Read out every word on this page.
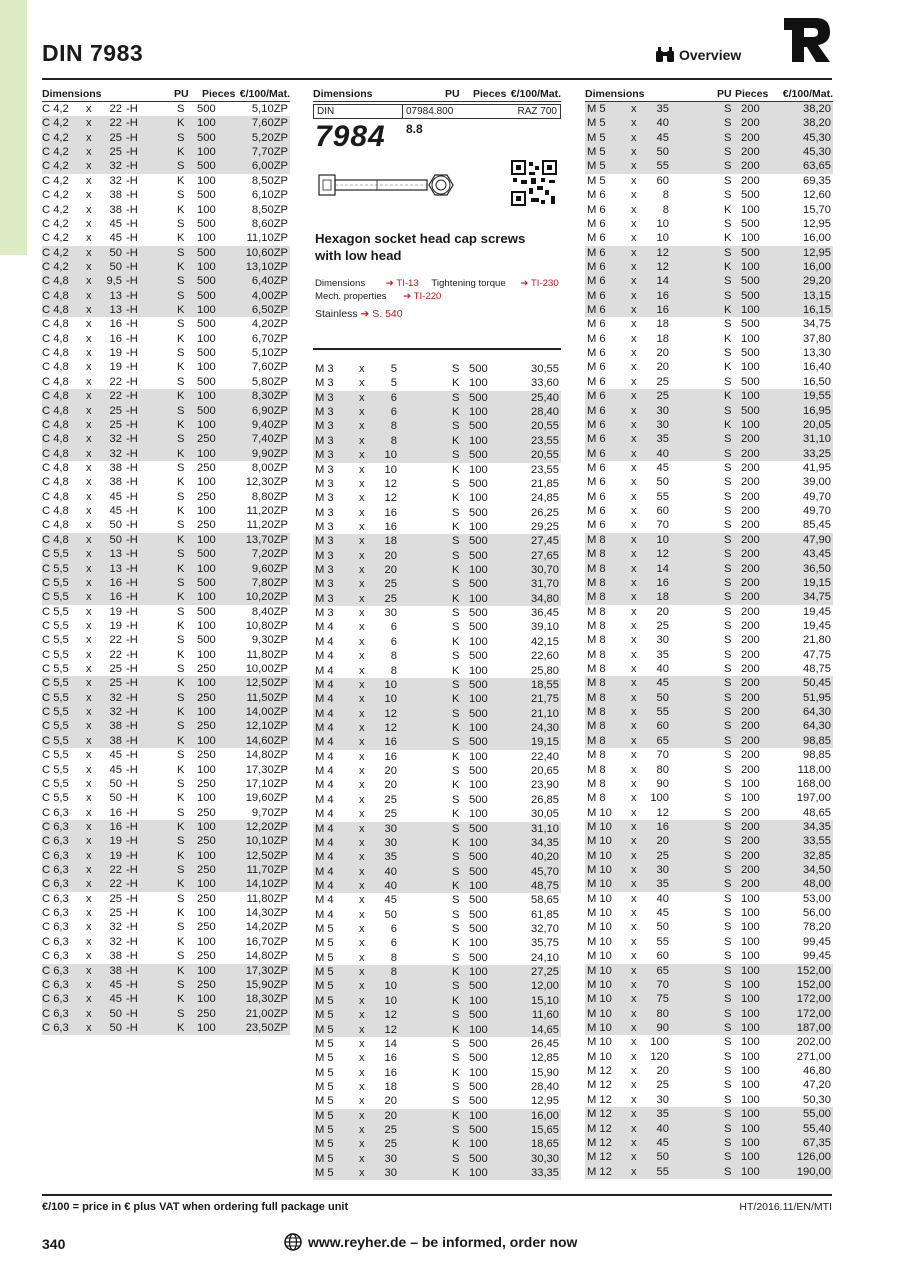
DIN 7983	Overview
Dimensions	PU Pieces €/100/Mat.
C 4,2 x	22 -H	S 500	5,10ZP
C 4,2 x	22 -H	K 100	7,60ZP
C 4,2 x	25 -H	S 500	5,20ZP
C 4,2 x	25 -H	K 100	7,70ZP
C 4,2 x	32 -H	S 500	6,00ZP
C 4,2 x	32 -H	K 100	8,50ZP
C 4,2 x	38 -H	S 500	6,10ZP
C 4,2 x	38 -H	K 100	8,50ZP
C 4,2 x	45 -H	S 500	8,60ZP
C 4,2 x	45 -H	K 100	11,10ZP
C 4,2 x	50 -H	S 500	10,60ZP
C 4,2 x	50 -H	K 100	13,10ZP
C 4,8 x 9,5 -H	S 500	6,40ZP
C 4,8 x	13 -H	S 500	4,00ZP
C 4,8 x	13 -H	K 100	6,50ZP
C 4,8 x	16 -H	S 500	4,20ZP
C 4,8 x	16 -H	K 100	6,70ZP
C 4,8 x	19 -H	S 500	5,10ZP
C 4,8 x	19 -H	K 100	7,60ZP
C 4,8 x	22 -H	S 500	5,80ZP
C 4,8 x	22 -H	K 100	8,30ZP
C 4,8 x	25 -H	S 500	6,90ZP
C 4,8 x	25 -H	K 100	9,40ZP
C 4,8 x	32 -H	S 250	7,40ZP
C 4,8 x	32 -H	K 100	9,90ZP
C 4,8 x	38 -H	S 250	8,00ZP
C 4,8 x	38 -H	K 100	12,30ZP
C 4,8 x	45 -H	S 250	8,80ZP
C 4,8 x	45 -H	K 100	11,20ZP
C 4,8 x	50 -H	S 250	11,20ZP
C 4,8 x	50 -H	K 100	13,70ZP
C 5,5 x	13 -H	S 500	7,20ZP
C 5,5 x	13 -H	K 100	9,60ZP
C 5,5 x	16 -H	S 500	7,80ZP
C 5,5 x	16 -H	K 100	10,20ZP
C 5,5 x	19 -H	S 500	8,40ZP
C 5,5 x	19 -H	K 100	10,80ZP
C 5,5 x	22 -H	S 500	9,30ZP
C 5,5 x	22 -H	K 100	11,80ZP
C 5,5 x	25 -H	S 250	10,00ZP
C 5,5 x	25 -H	K 100	12,50ZP
C 5,5 x	32 -H	S 250	11,50ZP
C 5,5 x	32 -H	K 100	14,00ZP
C 5,5 x	38 -H	S 250	12,10ZP
C 5,5 x	38 -H	K 100	14,60ZP
C 5,5 x	45 -H	S 250	14,80ZP
C 5,5 x	45 -H	K 100	17,30ZP
C 5,5 x	50 -H	S 250	17,10ZP
C 5,5 x	50 -H	K 100	19,60ZP
C 6,3 x	16 -H	S 250	9,70ZP
C 6,3 x	16 -H	K 100	12,20ZP
C 6,3 x	19 -H	S 250	10,10ZP
C 6,3 x	19 -H	K 100	12,50ZP
C 6,3 x	22 -H	S 250	11,70ZP
C 6,3 x	22 -H	K 100	14,10ZP
C 6,3 x	25 -H	S 250	11,80ZP
C 6,3 x	25 -H	K 100	14,30ZP
C 6,3 x	32 -H	S 250	14,20ZP
C 6,3 x	32 -H	K 100	16,70ZP
C 6,3 x	38 -H	S 250	14,80ZP
C 6,3 x	38 -H	K 100	17,30ZP
C 6,3 x	45 -H	S 250	15,90ZP
C 6,3 x	45 -H	K 100	18,30ZP
C 6,3 x	50 -H	S 250	21,00ZP
C 6,3 x	50 -H	K 100	23,50ZP
Dimensions	PU Pieces €/100/Mat.
DIN	07984.800	RAZ 700
7984 8.8
Hexagon socket head cap screws with low head
Dimensions ➔ TI-13 Tightening torque ➔ TI-230
Mech. properties ➔ TI-220
Stainless ➔ S. 540
M 3 x	5	S 500	30,55
M 3 x	5	K 100	33,60
M 3 x	6	S 500	25,40
M 3 x	6	K 100	28,40
M 3 x	8	S 500	20,55
M 3 x	8	K 100	23,55
M 3 x	10	S 500	20,55
M 3 x	10	K 100	23,55
M 3 x	12	S 500	21,85
M 3 x	12	K 100	24,85
M 3 x	16	S 500	26,25
M 3 x	16	K 100	29,25
M 3 x	18	S 500	27,45
M 3 x	20	S 500	27,65
M 3 x	20	K 100	30,70
M 3 x	25	S 500	31,70
M 3 x	25	K 100	34,80
M 3 x	30	S 500	36,45
M 4 x	6	S 500	39,10
M 4 x	6	K 100	42,15
M 4 x	8	S 500	22,60
M 4 x	8	K 100	25,80
M 4 x	10	S 500	18,55
M 4 x	10	K 100	21,75
M 4 x	12	S 500	21,10
M 4 x	12	K 100	24,30
M 4 x	16	S 500	19,15
M 4 x	16	K 100	22,40
M 4 x	20	S 500	20,65
M 4 x	20	K 100	23,90
M 4 x	25	S 500	26,85
M 4 x	25	K 100	30,05
M 4 x	30	S 500	31,10
M 4 x	30	K 100	34,35
M 4 x	35	S 500	40,20
M 4 x	40	S 500	45,70
M 4 x	40	K 100	48,75
M 4 x	45	S 500	58,65
M 4 x	50	S 500	61,85
M 5 x	6	S 500	32,70
M 5 x	6	K 100	35,75
M 5 x	8	S 500	24,10
M 5 x	8	K 100	27,25
M 5 x	10	S 500	12,00
M 5 x	10	K 100	15,10
M 5 x	12	S 500	11,60
M 5 x	12	K 100	14,65
M 5 x	14	S 500	26,45
M 5 x	16	S 500	12,85
M 5 x	16	K 100	15,90
M 5 x	18	S 500	28,40
M 5 x	20	S 500	12,95
M 5 x	20	K 100	16,00
M 5 x	25	S 500	15,65
M 5 x	25	K 100	18,65
M 5 x	30	S 500	30,30
M 5 x	30	K 100	33,35
Dimensions	PU Pieces €/100/Mat.
M 5 x	35	S 200	38,20
M 5 x	40	S 200	38,20
M 5 x	45	S 200	45,30
M 5 x	50	S 200	45,30
M 5 x	55	S 200	63,65
M 5 x	60	S 200	69,35
M 6 x	8	S 500	12,60
M 6 x	8	K 100	15,70
M 6 x	10	S 500	12,95
M 6 x	10	K 100	16,00
M 6 x	12	S 500	12,95
M 6 x	12	K 100	16,00
M 6 x	14	S 500	29,20
M 6 x	16	S 500	13,15
M 6 x	16	K 100	16,15
M 6 x	18	S 500	34,75
M 6 x	18	K 100	37,80
M 6 x	20	S 500	13,30
M 6 x	20	K 100	16,40
M 6 x	25	S 500	16,50
M 6 x	25	K 100	19,55
M 6 x	30	S 500	16,95
M 6 x	30	K 100	20,05
M 6 x	35	S 200	31,10
M 6 x	40	S 200	33,25
M 6 x	45	S 200	41,95
M 6 x	50	S 200	39,00
M 6 x	55	S 200	49,70
M 6 x	60	S 200	49,70
M 6 x	70	S 200	85,45
M 8 x	10	S 200	47,90
M 8 x	12	S 200	43,45
M 8 x	14	S 200	36,50
M 8 x	16	S 200	19,15
M 8 x	18	S 200	34,75
M 8 x	20	S 200	19,45
M 8 x	25	S 200	19,45
M 8 x	30	S 200	21,80
M 8 x	35	S 200	47,75
M 8 x	40	S 200	48,75
M 8 x	45	S 200	50,45
M 8 x	50	S 200	51,95
M 8 x	55	S 200	64,30
M 8 x	60	S 200	64,30
M 8 x	65	S 200	98,85
M 8 x	70	S 200	98,85
M 8 x	80	S 200	118,00
M 8 x	90	S 100	168,00
M 8 x 100	S 100	197,00
M 10 x	12	S 200	48,65
M 10 x	16	S 200	34,35
M 10 x	20	S 200	33,55
M 10 x	25	S 200	32,85
M 10 x	30	S 200	34,50
M 10 x	35	S 200	48,00
M 10 x	40	S 100	53,00
M 10 x	45	S 100	56,00
M 10 x	50	S 100	78,20
M 10 x	55	S 100	99,45
M 10 x	60	S 100	99,45
M 10 x	65	S 100	152,00
M 10 x	70	S 100	152,00
M 10 x	75	S 100	172,00
M 10 x	80	S 100	172,00
M 10 x	90	S 100	187,00
M 10 x 100	S 100	202,00
M 10 x 120	S 100	271,00
M 12 x	20	S 100	46,80
M 12 x	25	S 100	47,20
M 12 x	30	S 100	50,30
M 12 x	35	S 100	55,00
M 12 x	40	S 100	55,40
M 12 x	45	S 100	67,35
M 12 x	50	S 100	126,00
M 12 x	55	S 100	190,00
€/100 = price in € plus VAT when ordering full package unit	HT/2016.11/EN/MTI
340	www.reyher.de – be informed, order now
